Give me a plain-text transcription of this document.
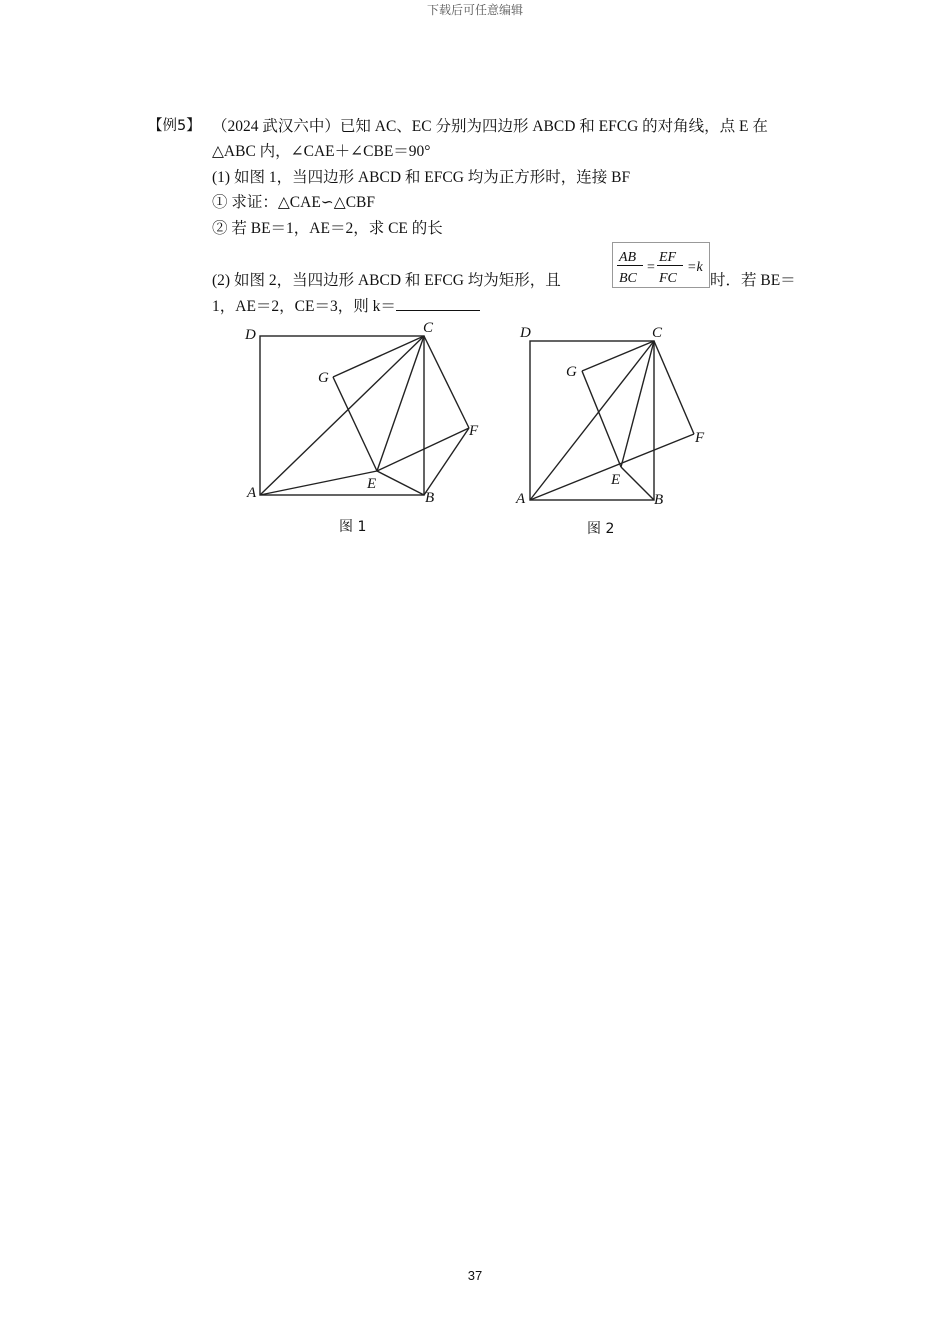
下载后可任意编辑
【例5】 （2024 武汉六中）已知 AC、EC 分别为四边形 ABCD 和 EFCG 的对角线，点 E 在
△ABC 内，∠CAE＋∠CBE＝90°
(1) 如图 1，当四边形 ABCD 和 EFCG 均为正方形时，连接 BF
① 求证：△CAE∽△CBF
② 若 BE＝1，AE＝2，求 CE 的长
(2) 如图 2，当四边形 ABCD 和 EFCG 均为矩形，且
AB
BC
=
EF
FC
=k
时．若 BE＝
1，AE＝2，CE＝3，则 k＝
D	C
G
F
E
A	B
图 1
D	C
G
F
E
A	B
图 2
37
